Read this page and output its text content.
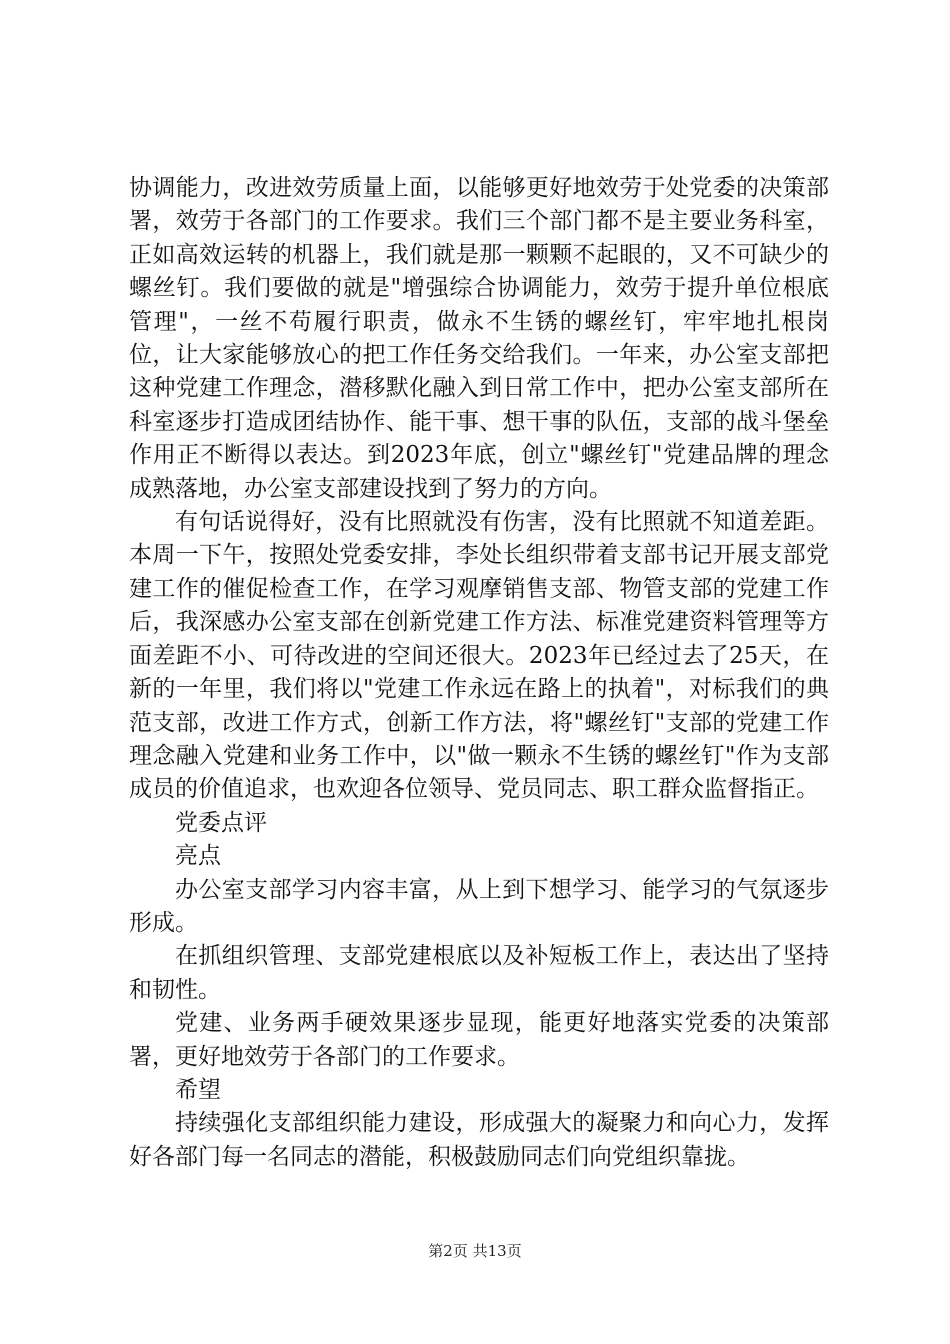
协调能力，改进效劳质量上面，以能够更好地效劳于处党委的决策部署，效劳于各部门的工作要求。我们三个部门都不是主要业务科室，正如高效运转的机器上，我们就是那一颗颗不起眼的，又不可缺少的螺丝钉。我们要做的就是"增强综合协调能力，效劳于提升单位根底管理"，一丝不苟履行职责，做永不生锈的螺丝钉，牢牢地扎根岗位，让大家能够放心的把工作任务交给我们。一年来，办公室支部把这种党建工作理念，潜移默化融入到日常工作中，把办公室支部所在科室逐步打造成团结协作、能干事、想干事的队伍，支部的战斗堡垒作用正不断得以表达。到2023年底，创立"螺丝钉"党建品牌的理念成熟落地，办公室支部建设找到了努力的方向。

有句话说得好，没有比照就没有伤害，没有比照就不知道差距。本周一下午，按照处党委安排，李处长组织带着支部书记开展支部党建工作的催促检查工作，在学习观摩销售支部、物管支部的党建工作后，我深感办公室支部在创新党建工作方法、标准党建资料管理等方面差距不小、可待改进的空间还很大。2023年已经过去了25天，在新的一年里，我们将以"党建工作永远在路上的执着"，对标我们的典范支部，改进工作方式，创新工作方法，将"螺丝钉"支部的党建工作理念融入党建和业务工作中，以"做一颗永不生锈的螺丝钉"作为支部成员的价值追求，也欢迎各位领导、党员同志、职工群众监督指正。

党委点评

亮点

办公室支部学习内容丰富，从上到下想学习、能学习的气氛逐步形成。

在抓组织管理、支部党建根底以及补短板工作上，表达出了坚持和韧性。

党建、业务两手硬效果逐步显现，能更好地落实党委的决策部署，更好地效劳于各部门的工作要求。

希望

持续强化支部组织能力建设，形成强大的凝聚力和向心力，发挥好各部门每一名同志的潜能，积极鼓励同志们向党组织靠拢。

第2页 共13页
